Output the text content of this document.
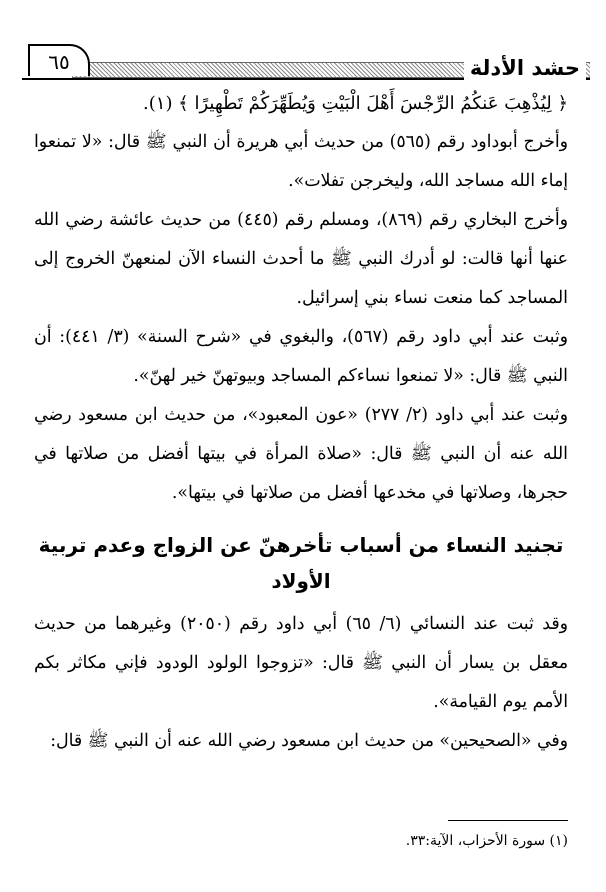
حشد الأدلة
٦٥

﴿ لِيُذْهِبَ عَنكُمُ الرِّجْسَ أَهْلَ الْبَيْتِ وَيُطَهِّرَكُمْ تَطْهِيرًا ﴾ (١).

وأخرج أبوداود رقم (٥٦٥) من حديث أبي هريرة أن النبي ﷺ قال: «لا تمنعوا إماء الله مساجد الله، وليخرجن تفلات».

وأخرج البخاري رقم (٨٦٩)، ومسلم رقم (٤٤٥) من حديث عائشة رضي الله عنها أنها قالت: لو أدرك النبي ﷺ ما أحدث النساء الآن لمنعهنّ الخروج إلى المساجد كما منعت نساء بني إسرائيل.

وثبت عند أبي داود رقم (٥٦٧)، والبغوي في «شرح السنة» (٣/ ٤٤١): أن النبي ﷺ قال: «لا تمنعوا نساءكم المساجد وبيوتهنّ خير لهنّ».

وثبت عند أبي داود (٢/ ٢٧٧) «عون المعبود»، من حديث ابن مسعود رضي الله عنه أن النبي ﷺ قال: «صلاة المرأة في بيتها أفضل من صلاتها في حجرها، وصلاتها في مخدعها أفضل من صلاتها في بيتها».

تجنيد النساء من أسباب تأخرهنّ عن الزواج وعدم تربية الأولاد

وقد ثبت عند النسائي (٦/ ٦٥) أبي داود رقم (٢٠٥٠) وغيرهما من حديث معقل بن يسار أن النبي ﷺ قال: «تزوجوا الولود الودود فإني مكاثر بكم الأمم يوم القيامة».

وفي «الصحيحين» من حديث ابن مسعود رضي الله عنه أن النبي ﷺ قال:

(١) سورة الأحزاب، الآية:٣٣.
